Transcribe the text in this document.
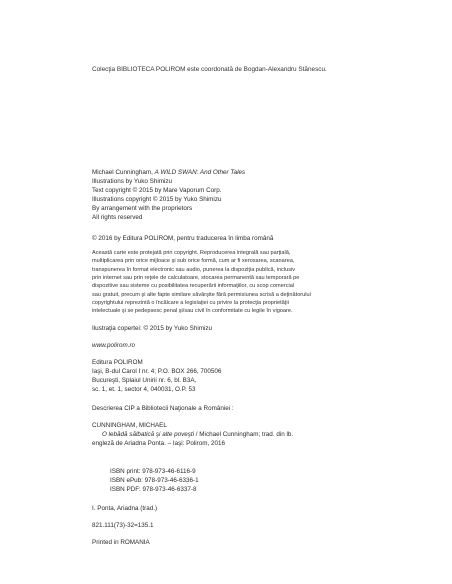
Colecţia BIBLIOTECA POLIROM este coordonată de Bogdan-Alexandru Stănescu.

Michael Cunningham, A WILD SWAN: And Other Tales
Illustrations by Yuko Shimizu
Text copyright © 2015 by Mare Vaporum Corp.
Illustrations copyright © 2015 by Yuko Shimizu
By arrangement with the proprietors
All rights reserved

© 2016 by Editura POLIROM, pentru traducerea în limba română

Această carte este protejată prin copyright. Reproducerea integrală sau parţială,
multiplicarea prin orice mijloace şi sub orice formă, cum ar fi xeroxarea, scanarea,
transpunerea în format electronic sau audio, punerea la dispoziţia publică, inclusiv
prin internet sau prin reţele de calculatoare, stocarea permanentă sau temporară pe
dispozitive sau sisteme cu posibilitatea recuperării informaţiilor, cu scop comercial
sau gratuit, precum şi alte fapte similare săvârşite fără permisiunea scrisă a deţinătorului
copyrightului reprezintă o încălcare a legislaţiei cu privire la protecţia proprietăţii
intelectuale şi se pedepsesc penal şi/sau civil în conformitate cu legile în vigoare.

Ilustraţia copertei: © 2015 by Yuko Shimizu

www.polirom.ro

Editura POLIROM
Iaşi, B-dul Carol I nr. 4; P.O. BOX 266, 700506
Bucureşti, Splaiul Unirii nr. 6, bl. B3A,
sc. 1, et. 1, sector 4, 040031, O.P. 53

Descrierea CIP a Bibliotecii Naţionale a României :

CUNNINGHAM, MICHAEL
O lebădă sălbatică şi alte poveşti / Michael Cunningham; trad. din lb.
engleză de Ariadna Ponta. – Iaşi: Polirom, 2016
ISBN print: 978-973-46-6116-9
ISBN ePub: 978-973-46-6336-1
ISBN PDF: 978-973-46-6337-8

I. Ponta, Ariadna (trad.)

821.111(73)-32=135.1

Printed in ROMANIA
